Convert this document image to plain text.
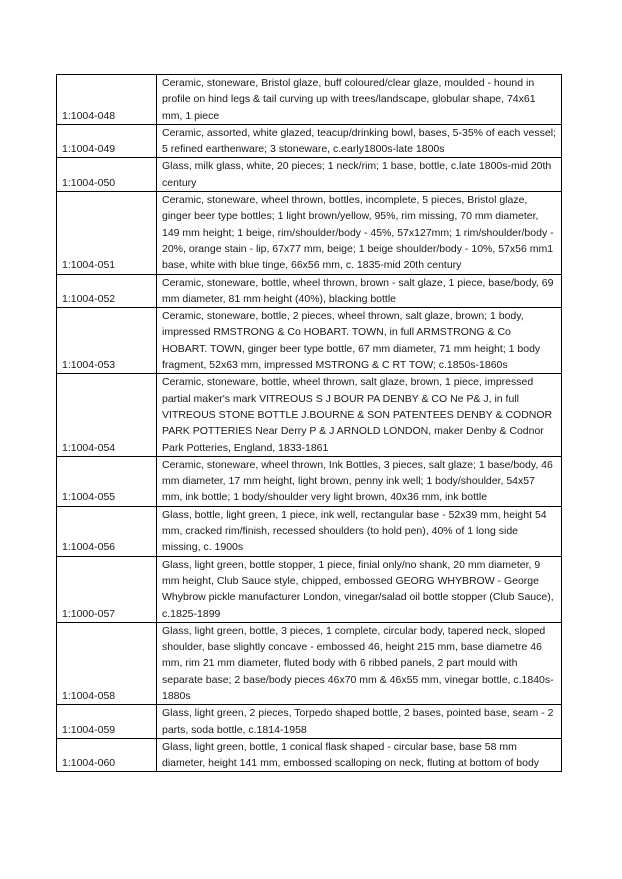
1:1004-048	Ceramic, stoneware, Bristol glaze, buff coloured/clear glaze, moulded - hound in profile on hind legs & tail curving up with trees/landscape, globular shape, 74x61 mm, 1 piece
1:1004-049	Ceramic, assorted, white glazed, teacup/drinking bowl, bases, 5-35% of each vessel; 5 refined earthenware; 3 stoneware, c.early1800s-late 1800s
1:1004-050	Glass, milk glass, white, 20 pieces; 1 neck/rim; 1 base, bottle, c.late 1800s-mid 20th century
1:1004-051	Ceramic, stoneware, wheel thrown, bottles, incomplete, 5 pieces, Bristol glaze, ginger beer type bottles; 1 light brown/yellow, 95%, rim missing, 70 mm diameter, 149 mm height; 1 beige, rim/shoulder/body - 45%, 57x127mm; 1 rim/shoulder/body - 20%, orange stain - lip, 67x77 mm, beige; 1 beige shoulder/body - 10%, 57x56 mm1 base, white with blue tinge, 66x56 mm, c. 1835-mid 20th century
1:1004-052	Ceramic, stoneware, bottle, wheel thrown, brown - salt glaze, 1 piece, base/body, 69 mm diameter, 81 mm height (40%), blacking bottle
1:1004-053	Ceramic, stoneware, bottle, 2 pieces, wheel thrown, salt glaze, brown; 1 body, impressed RMSTRONG & Co HOBART. TOWN, in full ARMSTRONG & Co HOBART. TOWN, ginger beer type bottle, 67 mm diameter, 71 mm height; 1 body fragment, 52x63 mm, impressed MSTRONG & C RT TOW; c.1850s-1860s
1:1004-054	Ceramic, stoneware, bottle, wheel thrown, salt glaze, brown, 1 piece, impressed partial maker's mark VITREOUS S J BOUR PA DENBY & CO Ne P& J, in full VITREOUS STONE BOTTLE J.BOURNE & SON PATENTEES DENBY & CODNOR PARK POTTERIES Near Derry P & J ARNOLD LONDON, maker Denby & Codnor Park Potteries, England, 1833-1861
1:1004-055	Ceramic, stoneware, wheel thrown, Ink Bottles, 3 pieces, salt glaze; 1 base/body, 46 mm diameter, 17 mm height, light brown, penny ink well; 1 body/shoulder, 54x57 mm, ink bottle; 1 body/shoulder very light brown, 40x36 mm, ink bottle
1:1004-056	Glass, bottle, light green, 1 piece, ink well, rectangular base - 52x39 mm, height 54 mm, cracked rim/finish, recessed shoulders (to hold pen), 40% of 1 long side missing, c. 1900s
1:1000-057	Glass, light green, bottle stopper, 1 piece, finial only/no shank, 20 mm diameter, 9 mm height, Club Sauce style, chipped, embossed GEORG WHYBROW - George Whybrow pickle manufacturer London, vinegar/salad oil bottle stopper (Club Sauce), c.1825-1899
1:1004-058	Glass, light green, bottle, 3 pieces, 1 complete, circular body, tapered neck, sloped shoulder, base slightly concave - embossed 46, height 215 mm, base diametre 46 mm, rim 21 mm diameter, fluted body with 6 ribbed panels, 2 part mould with separate base; 2 base/body pieces 46x70 mm & 46x55 mm, vinegar bottle, c.1840s-1880s
1:1004-059	Glass, light green, 2 pieces, Torpedo shaped bottle, 2 bases, pointed base, seam - 2 parts, soda bottle, c.1814-1958
1:1004-060	Glass, light green, bottle, 1 conical flask shaped - circular base, base 58 mm diameter, height 141 mm, embossed scalloping on neck, fluting at bottom of body
